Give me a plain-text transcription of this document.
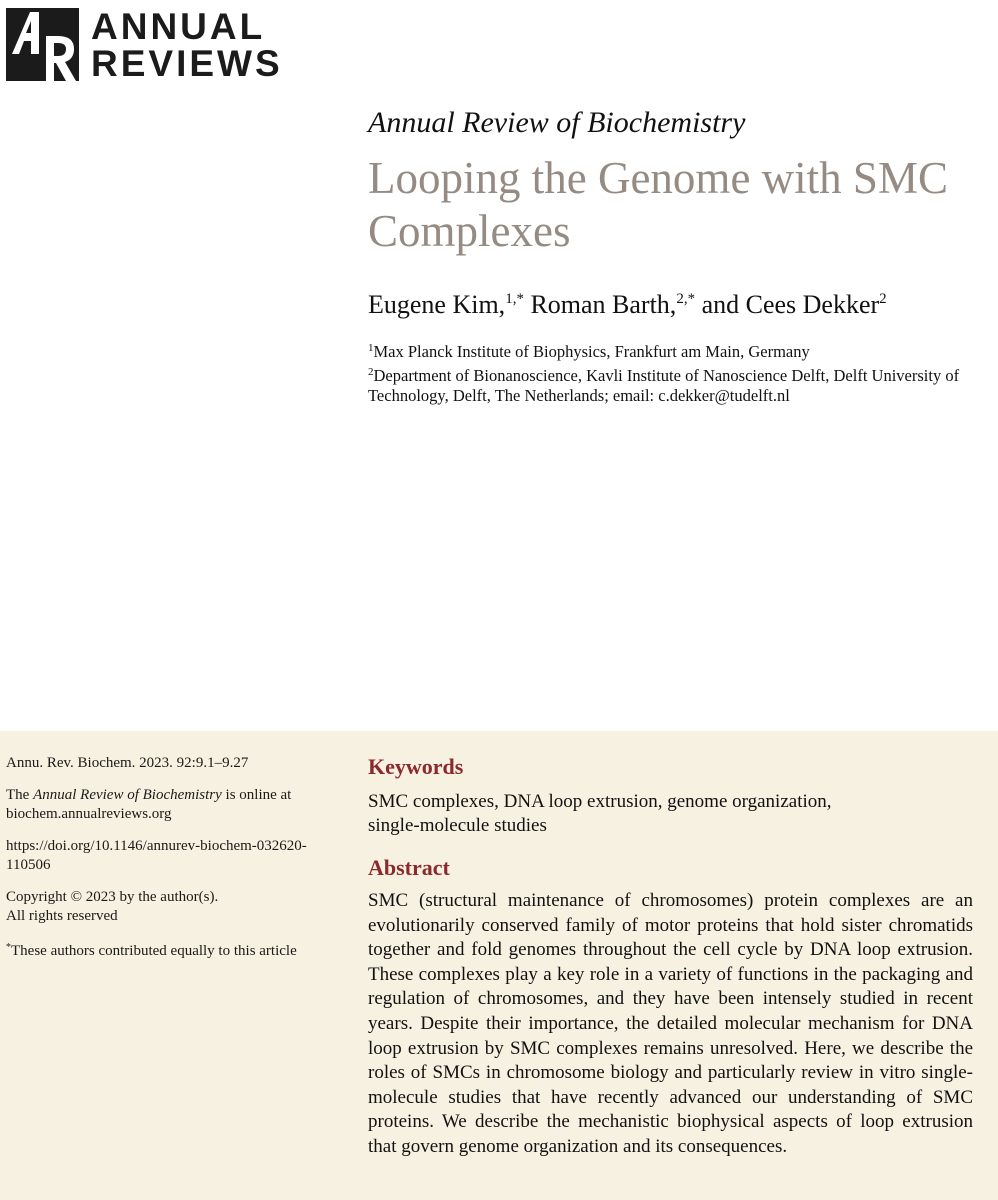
ANNUAL
REVIEWS
Annual Review of Biochemistry
Looping the Genome with SMC Complexes
Eugene Kim,$^{1,*}$ Roman Barth,$^{2,*}$ and Cees Dekker$^2$
$^1$Max Planck Institute of Biophysics, Frankfurt am Main, Germany
$^2$Department of Bionanoscience, Kavli Institute of Nanoscience Delft, Delft University of Technology, Delft, The Netherlands; email: c.dekker@tudelft.nl
Annu. Rev. Biochem. 2023. 92:9.1–9.27
The Annual Review of Biochemistry is online at biochem.annualreviews.org
https://doi.org/10.1146/annurev-biochem-032620-110506
Copyright © 2023 by the author(s).
All rights reserved
*These authors contributed equally to this article
Keywords
SMC complexes, DNA loop extrusion, genome organization,
single-molecule studies
Abstract

SMC (structural maintenance of chromosomes) protein complexes are an evolutionarily conserved family of motor proteins that hold sister chromatids together and fold genomes throughout the cell cycle by DNA loop extrusion. These complexes play a key role in a variety of functions in the packaging and regulation of chromosomes, and they have been intensely studied in recent years. Despite their importance, the detailed molecular mechanism for DNA loop extrusion by SMC complexes remains unresolved. Here, we describe the roles of SMCs in chromosome biology and particularly review in vitro single-molecule studies that have recently advanced our understanding of SMC proteins. We describe the mechanistic biophysical aspects of loop extrusion that govern genome organization and its consequences.
